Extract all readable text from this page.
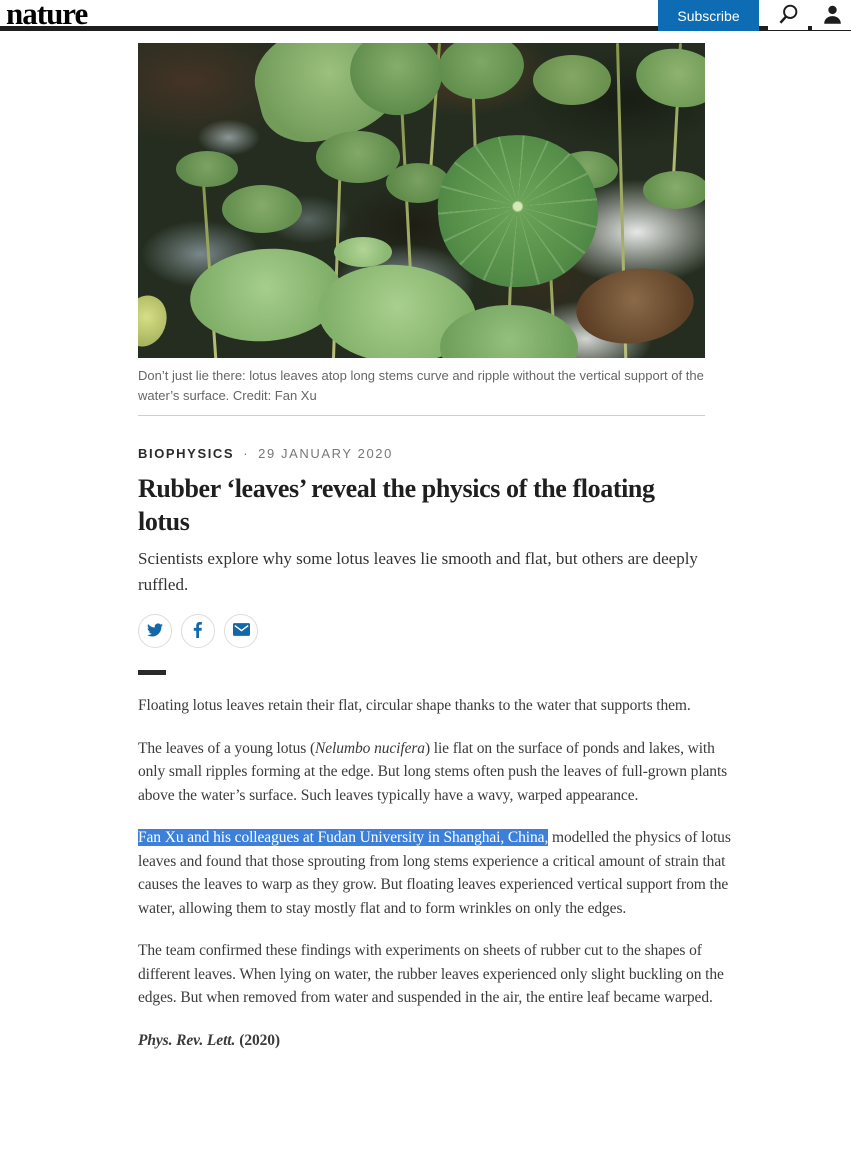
nature	Subscribe
Don’t just lie there: lotus leaves atop long stems curve and ripple without the vertical support of the water’s surface. Credit: Fan Xu
BIOPHYSICS · 29 JANUARY 2020
Rubber ‘leaves’ reveal the physics of the floating
lotus

Scientists explore why some lotus leaves lie smooth and flat, but others are deeply ruffled.

Floating lotus leaves retain their flat, circular shape thanks to the water that supports them.

The leaves of a young lotus (Nelumbo nucifera) lie flat on the surface of ponds and lakes, with only small ripples forming at the edge. But long stems often push the leaves of full-grown plants above the water’s surface. Such leaves typically have a wavy, warped appearance.

Fan Xu and his colleagues at Fudan University in Shanghai, China, modelled the physics of lotus leaves and found that those sprouting from long stems experience a critical amount of strain that causes the leaves to warp as they grow. But floating leaves experienced vertical support from the water, allowing them to stay mostly flat and to form wrinkles on only the edges.

The team confirmed these findings with experiments on sheets of rubber cut to the shapes of different leaves. When lying on water, the rubber leaves experienced only slight buckling on the edges. But when removed from water and suspended in the air, the entire leaf became warped.

Phys. Rev. Lett. (2020)
